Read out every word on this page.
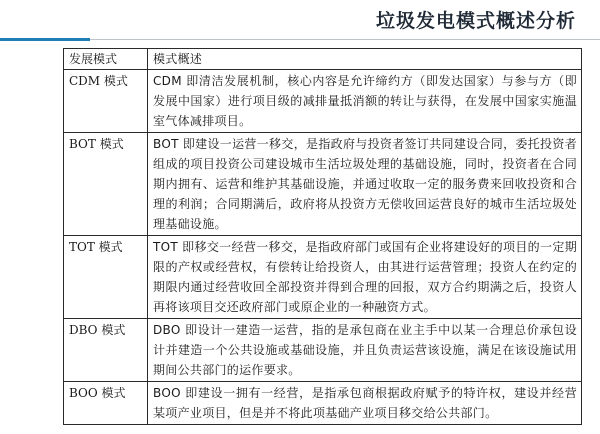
垃圾发电模式概述分析
发展模式	模式概述
CDM 模式	CDM 即清洁发展机制，核心内容是允许缔约方（即发达国家）与参与方（即发展中国家）进行项目级的减排量抵消额的转让与获得，在发展中国家实施温室气体减排项目。
BOT 模式	BOT 即建设一运营一移交，是指政府与投资者签订共同建设合同，委托投资者组成的项目投资公司建设城市生活垃圾处理的基础设施，同时，投资者在合同期内拥有、运营和维护其基础设施，并通过收取一定的服务费来回收投资和合理的利润；合同期满后，政府将从投资方无偿收回运营良好的城市生活垃圾处理基础设施。
TOT 模式	TOT 即移交一经营一移交，是指政府部门或国有企业将建设好的项目的一定期限的产权或经营权，有偿转让给投资人，由其进行运营管理；投资人在约定的期限内通过经营收回全部投资并得到合理的回报，双方合约期满之后，投资人再将该项目交还政府部门或原企业的一种融资方式。
DBO 模式	DBO 即设计一建造一运营，指的是承包商在业主手中以某一合理总价承包设计并建造一个公共设施或基础设施，并且负责运营该设施，满足在该设施试用期间公共部门的运作要求。
BOO 模式	BOO 即建设一拥有一经营，是指承包商根据政府赋予的特许权，建设并经营某项产业项目，但是并不将此项基础产业项目移交给公共部门。
